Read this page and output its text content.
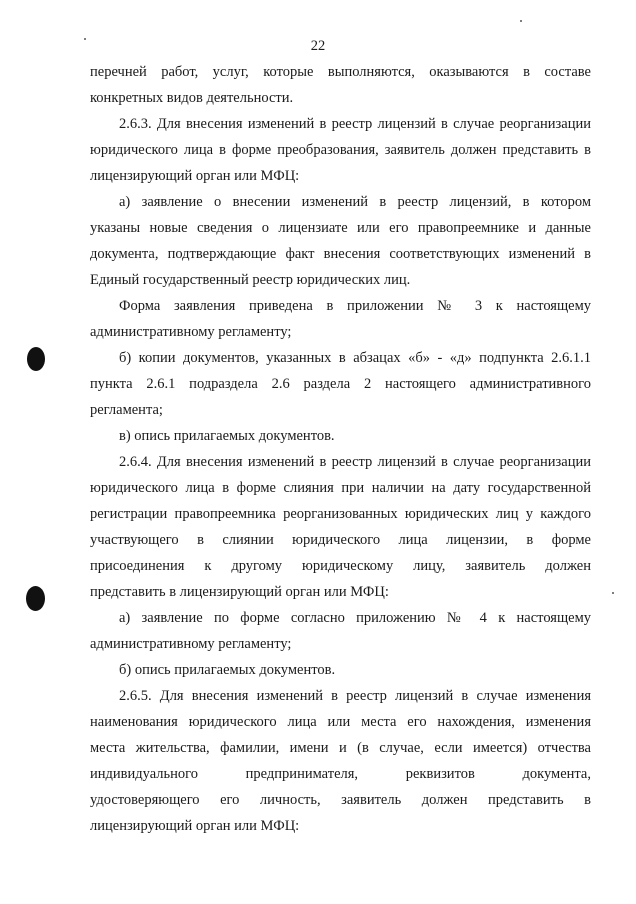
22
перечней работ, услуг, которые выполняются, оказываются в составе
конкретных видов деятельности.
2.6.3. Для внесения изменений в реестр лицензий в случае реорганизации
юридического лица в форме преобразования, заявитель должен представить в
лицензирующий орган или МФЦ:
а) заявление о внесении изменений в реестр лицензий, в котором
указаны новые сведения о лицензиате или его правопреемнике и данные
документа, подтверждающие факт внесения соответствующих изменений в
Единый государственный реестр юридических лиц.
Форма заявления приведена в приложении № 3 к настоящему
административному регламенту;
б) копии документов, указанных в абзацах «б» - «д» подпункта 2.6.1.1
пункта 2.6.1 подраздела 2.6 раздела 2 настоящего административного
регламента;
в) опись прилагаемых документов.
2.6.4. Для внесения изменений в реестр лицензий в случае реорганизации
юридического лица в форме слияния при наличии на дату государственной
регистрации правопреемника реорганизованных юридических лиц у каждого
участвующего в слиянии юридического лица лицензии, в форме
присоединения к другому юридическому лицу, заявитель должен
представить в лицензирующий орган или МФЦ:
а) заявление по форме согласно приложению № 4 к настоящему
административному регламенту;
б) опись прилагаемых документов.
2.6.5. Для внесения изменений в реестр лицензий в случае изменения
наименования юридического лица или места его нахождения, изменения
места жительства, фамилии, имени и (в случае, если имеется) отчества
индивидуального предпринимателя, реквизитов документа,
удостоверяющего его личность, заявитель должен представить в
лицензирующий орган или МФЦ:
